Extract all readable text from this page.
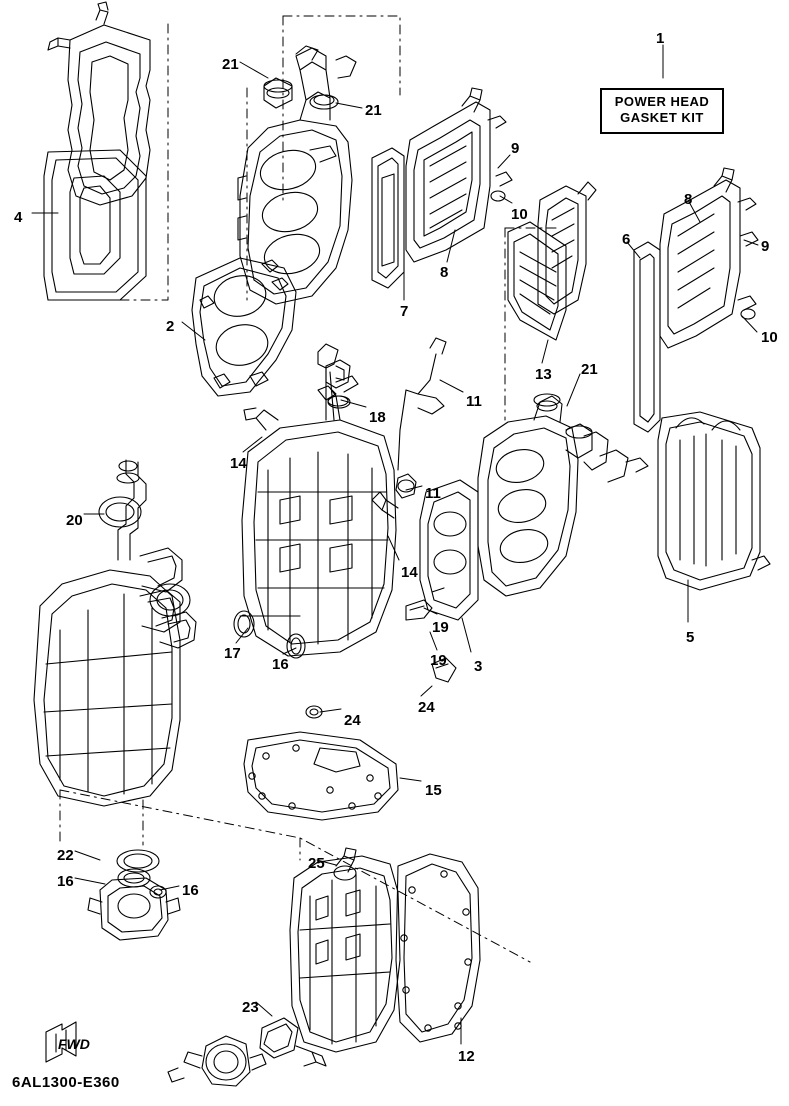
POWER HEAD
GASKET KIT
FWD
6AL1300-E360
1
21
21
9
10
4
8
6	9
8
7
2
10
13 21
11
18
14
11
20
14
5
17
3
19
19
16
24
24
15
22	25
16
16
23
12
